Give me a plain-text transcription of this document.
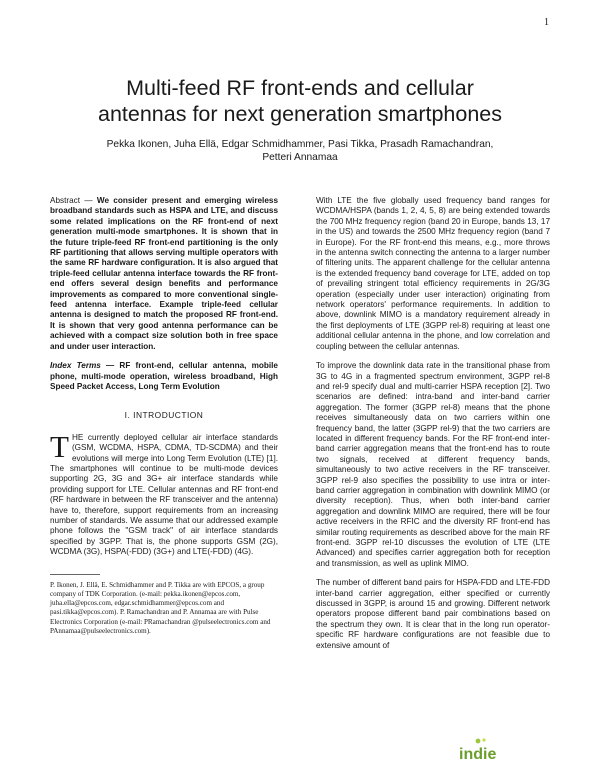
1
Multi-feed RF front-ends and cellular
antennas for next generation smartphones
Pekka Ikonen, Juha Ellä, Edgar Schmidhammer, Pasi Tikka, Prasadh Ramachandran,
Petteri Annamaa

Abstract — We consider present and emerging wireless broadband standards such as HSPA and LTE, and discuss some related implications on the RF front-end of next generation multi-mode smartphones. It is shown that in the future triple-feed RF front-end partitioning is the only RF partitioning that allows serving multiple operators with the same RF hardware configuration. It is also argued that triple-feed cellular antenna interface towards the RF front-end offers several design benefits and performance improvements as compared to more conventional single-feed antenna interface. Example triple-feed cellular antenna is designed to match the proposed RF front-end. It is shown that very good antenna performance can be achieved with a compact size solution both in free space and under user interaction.

Index Terms — RF front-end, cellular antenna, mobile phone, multi-mode operation, wireless broadband, High Speed Packet Access, Long Term Evolution

I. INTRODUCTION

THE currently deployed cellular air interface standards (GSM, WCDMA, HSPA, CDMA, TD-SCDMA) and their evolutions will merge into Long Term Evolution (LTE) [1]. The smartphones will continue to be multi-mode devices supporting 2G, 3G and 3G+ air interface standards while providing support for LTE. Cellular antennas and RF front-end (RF hardware in between the RF transceiver and the antenna) have to, therefore, support requirements from an increasing number of standards. We assume that our addressed example phone follows the "GSM track" of air interface standards specified by 3GPP. That is, the phone supports GSM (2G), WCDMA (3G), HSPA(-FDD) (3G+) and LTE(-FDD) (4G).

P. Ikonen, J. Ellä, E. Schmidhammer and P. Tikka are with EPCOS, a group company of TDK Corporation. (e-mail: pekka.ikonen@epcos.com, juha.ella@epcos.com, edgar.schmidhammer@epcos.com and pasi.tikka@epcos.com). P. Ramachandran and P. Annamaa are with Pulse Electronics Corporation (e-mail: PRamachandran @pulseelectronics.com and PAnnamaa@pulseelectronics.com).

With LTE the five globally used frequency band ranges for WCDMA/HSPA (bands 1, 2, 4, 5, 8) are being extended towards the 700 MHz frequency region (band 20 in Europe, bands 13, 17 in the US) and towards the 2500 MHz frequency region (band 7 in Europe). For the RF front-end this means, e.g., more throws in the antenna switch connecting the antenna to a larger number of filtering units. The apparent challenge for the cellular antenna is the extended frequency band coverage for LTE, added on top of prevailing stringent total efficiency requirements in 2G/3G operation (especially under user interaction) originating from network operators' performance requirements. In addition to above, downlink MIMO is a mandatory requirement already in the first deployments of LTE (3GPP rel-8) requiring at least one additional cellular antenna in the phone, and low correlation and coupling between the cellular antennas.

To improve the downlink data rate in the transitional phase from 3G to 4G in a fragmented spectrum environment, 3GPP rel-8 and rel-9 specify dual and multi-carrier HSPA reception [2]. Two scenarios are defined: intra-band and inter-band carrier aggregation. The former (3GPP rel-8) means that the phone receives simultaneously data on two carriers within one frequency band, the latter (3GPP rel-9) that the two carriers are located in different frequency bands. For the RF front-end inter-band carrier aggregation means that the front-end has to route two signals, received at different frequency bands, simultaneously to two active receivers in the RF transceiver. 3GPP rel-9 also specifies the possibility to use intra or inter-band carrier aggregation in combination with downlink MIMO (or diversity reception). Thus, when both inter-band carrier aggregation and downlink MIMO are required, there will be four active receivers in the RFIC and the diversity RF front-end has similar routing requirements as described above for the main RF front-end. 3GPP rel-10 discusses the evolution of LTE (LTE Advanced) and specifies carrier aggregation both for reception and transmission, as well as uplink MIMO.

The number of different band pairs for HSPA-FDD and LTE-FDD inter-band carrier aggregation, either specified or currently discussed in 3GPP, is around 15 and growing. Different network operators propose different band pair combinations based on the spectrum they own. It is clear that in the long run operator-specific RF hardware configurations are not feasible due to extensive amount of

indie
